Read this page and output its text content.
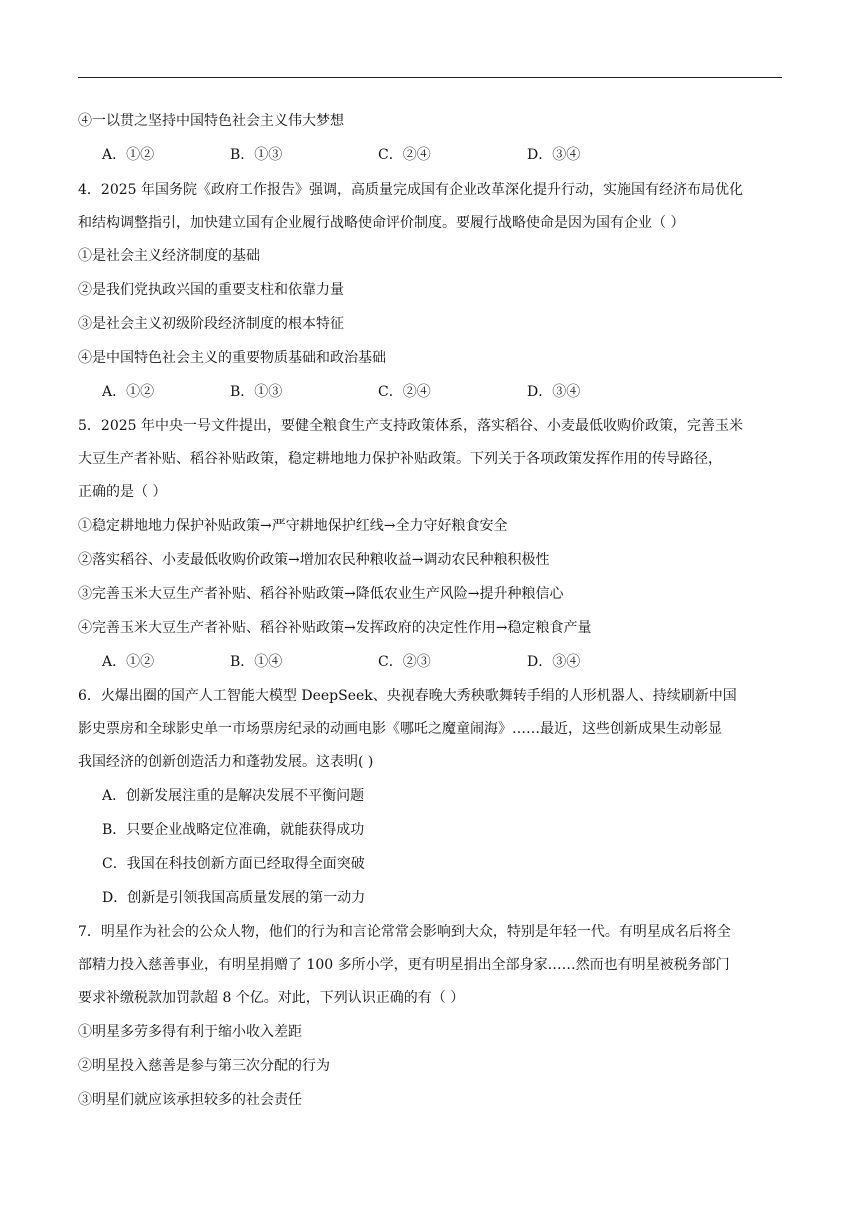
④一以贯之坚持中国特色社会主义伟大梦想
A．①②	B．①③	C．②④	D．③④
4．2025 年国务院《政府工作报告》强调，高质量完成国有企业改革深化提升行动，实施国有经济布局优化
和结构调整指引，加快建立国有企业履行战略使命评价制度。要履行战略使命是因为国有企业（ ）
①是社会主义经济制度的基础
②是我们党执政兴国的重要支柱和依靠力量
③是社会主义初级阶段经济制度的根本特征
④是中国特色社会主义的重要物质基础和政治基础
A．①②	B．①③	C．②④	D．③④
5．2025 年中央一号文件提出，要健全粮食生产支持政策体系，落实稻谷、小麦最低收购价政策，完善玉米
大豆生产者补贴、稻谷补贴政策，稳定耕地地力保护补贴政策。下列关于各项政策发挥作用的传导路径，
正确的是（ ）
①稳定耕地地力保护补贴政策→严守耕地保护红线→全力守好粮食安全
②落实稻谷、小麦最低收购价政策→增加农民种粮收益→调动农民种粮积极性
③完善玉米大豆生产者补贴、稻谷补贴政策→降低农业生产风险→提升种粮信心
④完善玉米大豆生产者补贴、稻谷补贴政策→发挥政府的决定性作用→稳定粮食产量
A．①②	B．①④	C．②③	D．③④
6．火爆出圈的国产人工智能大模型 DeepSeek、央视春晚大秀秧歌舞转手绢的人形机器人、持续刷新中国
影史票房和全球影史单一市场票房纪录的动画电影《哪吒之魔童闹海》……最近，这些创新成果生动彰显
我国经济的创新创造活力和蓬勃发展。这表明( )
A．创新发展注重的是解决发展不平衡问题
B．只要企业战略定位准确，就能获得成功
C．我国在科技创新方面已经取得全面突破
D．创新是引领我国高质量发展的第一动力
7．明星作为社会的公众人物，他们的行为和言论常常会影响到大众，特别是年轻一代。有明星成名后将全
部精力投入慈善事业，有明星捐赠了 100 多所小学，更有明星捐出全部身家……然而也有明星被税务部门
要求补缴税款加罚款超 8 个亿。对此，下列认识正确的有（ ）
①明星多劳多得有利于缩小收入差距
②明星投入慈善是参与第三次分配的行为
③明星们就应该承担较多的社会责任
